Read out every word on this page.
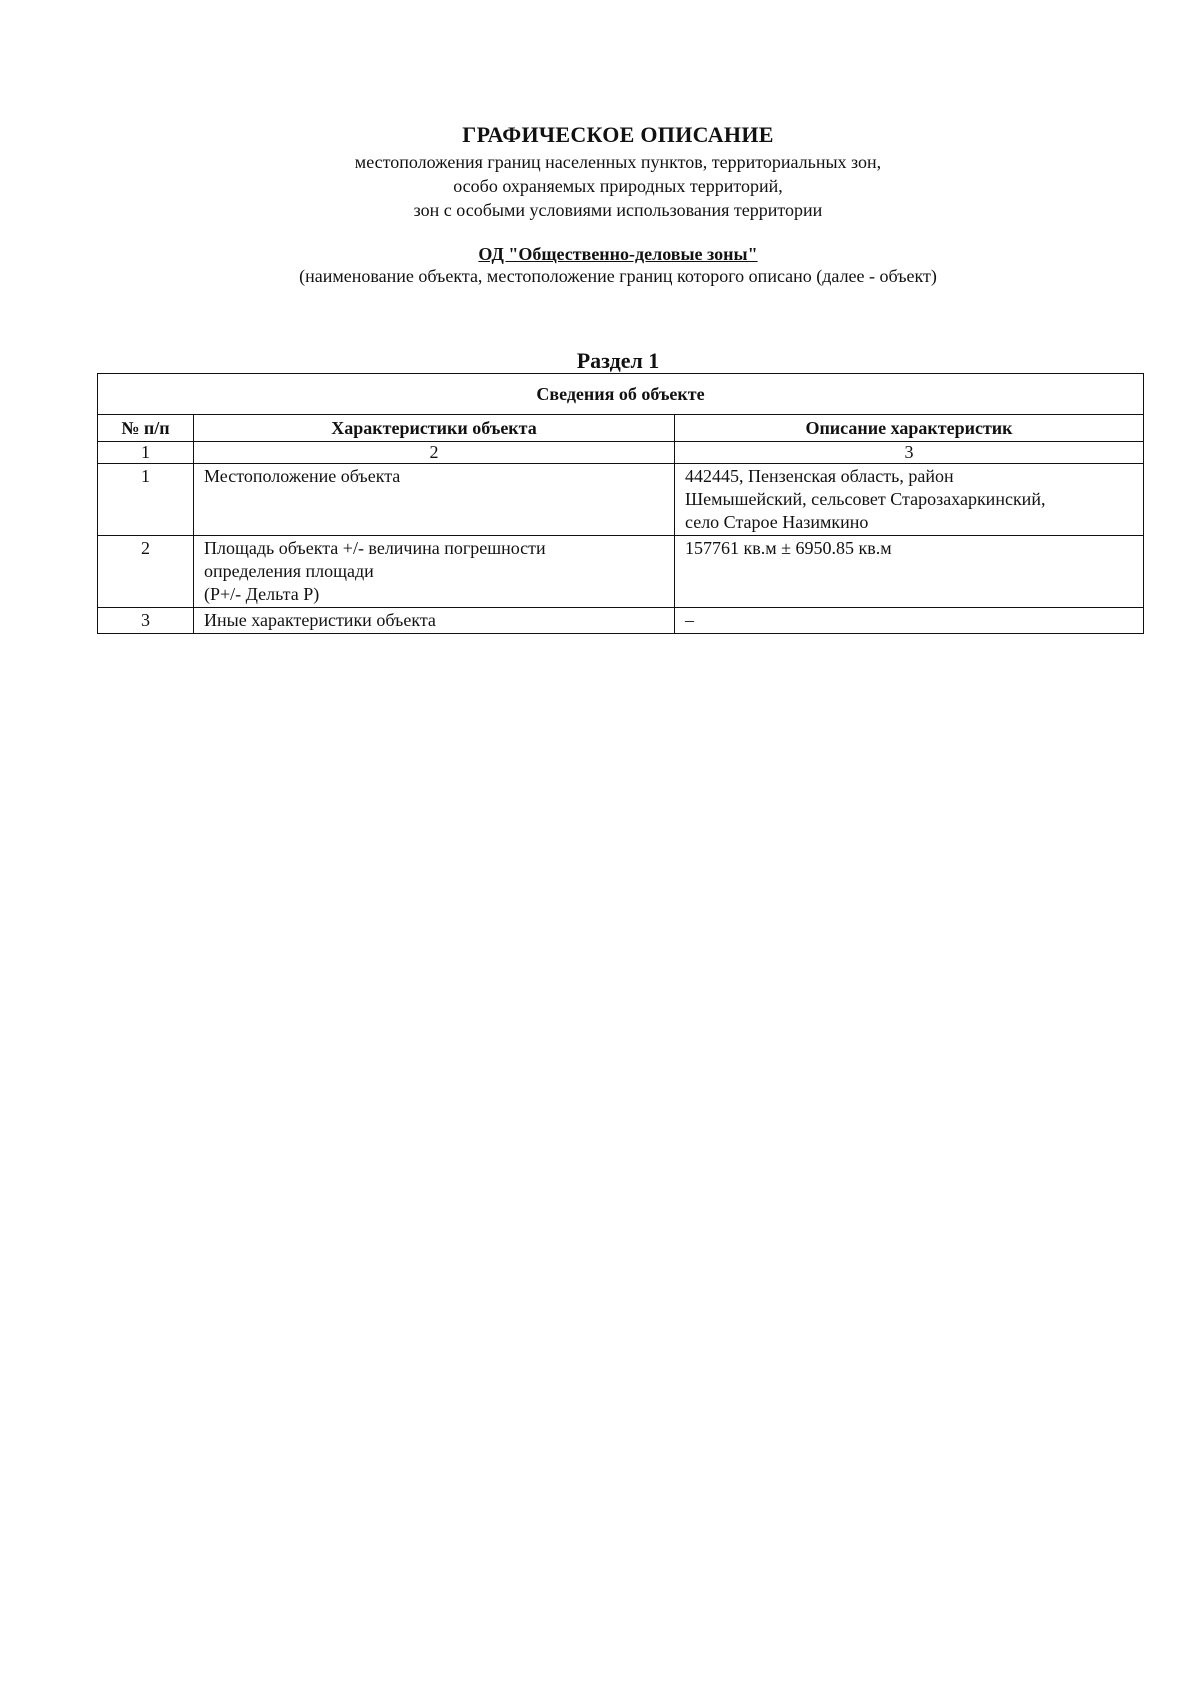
ГРАФИЧЕСКОЕ ОПИСАНИЕ
местоположения границ населенных пунктов, территориальных зон,
особо охраняемых природных территорий,
зон с особыми условиями использования территории
ОД "Общественно-деловые зоны"
(наименование объекта, местоположение границ которого описано (далее - объект)
Раздел 1
Сведения об объекте		
№ п/п	Характеристики объекта	Описание характеристик
1	2	3
1	Местоположение объекта	442445, Пензенская область, район
Шемышейский, сельсовет Старозахаркинский,
село Старое Назимкино

2	Площадь объекта +/- величина погрешности
определения площади
(Р+/- Дельта Р)	157761 кв.м ± 6950.85 кв.м

3	Иные характеристики объекта	–
